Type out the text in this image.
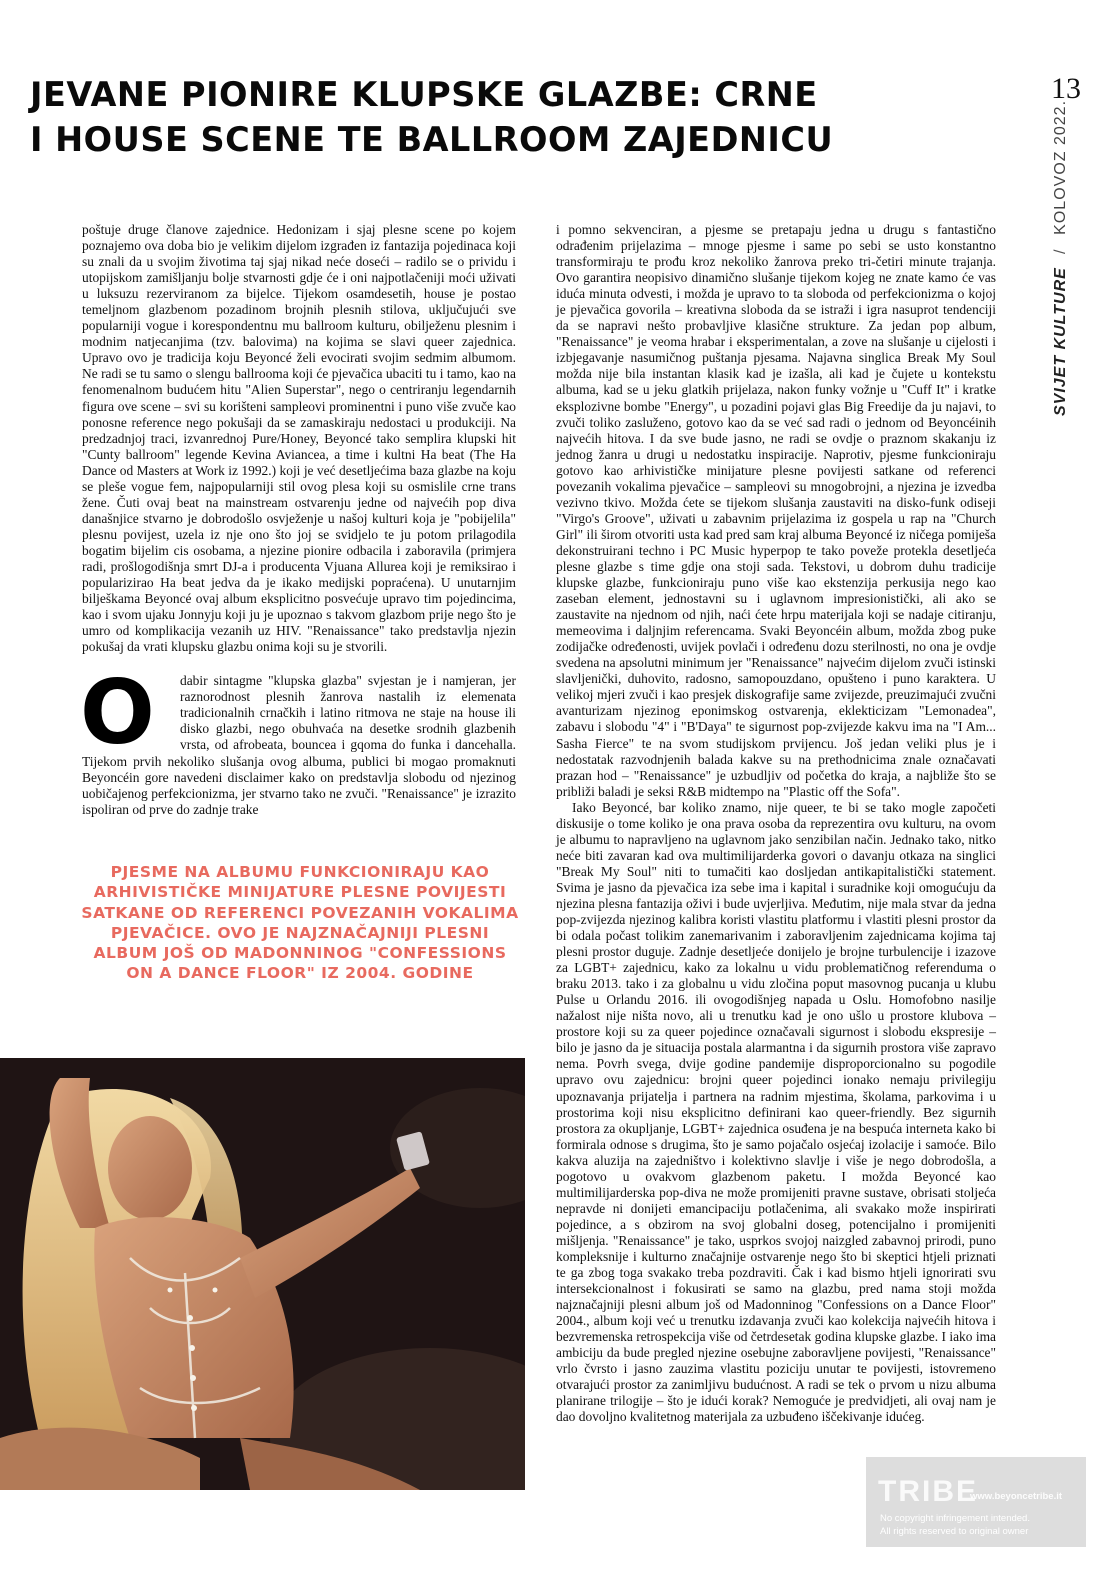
JEVANE PIONIRE KLUPSKE GLAZBE: CRNE
I HOUSE SCENE TE BALLROOM ZAJEDNICU
13
SVIJET KULTURE / KOLOVOZ 2022.

poštuje druge članove zajednice. Hedonizam i sjaj plesne scene po kojem poznajemo ova doba bio je velikim dijelom izgrađen iz fantazija pojedinaca koji su znali da u svojim životima taj sjaj nikad neće doseći – radilo se o prividu i utopijskom zamišljanju bolje stvarnosti gdje će i oni najpotlačeniji moći uživati u luksuzu rezerviranom za bijelce. Tijekom osamdesetih, house je postao temeljnom glazbenom pozadinom brojnih plesnih stilova, uključujući sve popularniji vogue i korespondentnu mu ballroom kulturu, obilježenu plesnim i modnim natjecanjima (tzv. balovima) na kojima se slavi queer zajednica. Upravo ovo je tradicija koju Beyoncé želi evocirati svojim sedmim albumom. Ne radi se tu samo o slengu ballrooma koji će pjevačica ubaciti tu i tamo, kao na fenomenalnom budućem hitu "Alien Superstar", nego o centriranju legendarnih figura ove scene – svi su korišteni sampleovi prominentni i puno više zvuče kao ponosne reference nego pokušaji da se zamaskiraju nedostaci u produkciji. Na predzadnjoj traci, izvanrednoj Pure/Honey, Beyoncé tako semplira klupski hit "Cunty ballroom" legende Kevina Aviancea, a time i kultni Ha beat (The Ha Dance od Masters at Work iz 1992.) koji je već desetljećima baza glazbe na koju se pleše vogue fem, najpopularniji stil ovog plesa koji su osmislile crne trans žene. Čuti ovaj beat na mainstream ostvarenju jedne od najvećih pop diva današnjice stvarno je dobrodošlo osvježenje u našoj kulturi koja je "pobijelila" plesnu povijest, uzela iz nje ono što joj se svidjelo te ju potom prilagodila bogatim bijelim cis osobama, a njezine pionire odbacila i zaboravila (primjera radi, prošlogodišnja smrt DJ-a i producenta Vjuana Allurea koji je remiksirao i popularizirao Ha beat jedva da je ikako medijski popraćena). U unutarnjim bilješkama Beyoncé ovaj album eksplicitno posvećuje upravo tim pojedincima, kao i svom ujaku Jonnyju koji ju je upoznao s takvom glazbom prije nego što je umro od komplikacija vezanih uz HIV. "Renaissance" tako predstavlja njezin pokušaj da vrati klupsku glazbu onima koji su je stvorili.

O	dabir sintagme "klupska glazba" svjestan je i namjeran, jer raznorodnost plesnih žanrova nastalih iz elemenata tradicionalnih crnačkih i latino ritmova ne staje na house ili disko glazbi, nego obuhvaća na desetke srodnih glazbenih vrsta, od afrobeata, bouncea i gqoma do funka i dancehalla. Tijekom prvih nekoliko slušanja ovog albuma, publici bi mogao promaknuti Beyoncéin gore navedeni disclaimer kako on predstavlja slobodu od njezinog uobičajenog perfekcionizma, jer stvarno tako ne zvuči. "Renaissance" je izrazito ispoliran od prve do zadnje trake

PJESME NA ALBUMU FUNKCIONIRAJU KAO ARHIVISTIČKE MINIJATURE PLESNE POVIJESTI SATKANE OD REFERENCI POVEZANIH VOKALIMA PJEVAČICE. OVO JE NAJZNAČAJNIJI PLESNI ALBUM JOŠ OD MADONNINOG "CONFESSIONS ON A DANCE FLOOR" IZ 2004. GODINE

i pomno sekvenciran, a pjesme se pretapaju jedna u drugu s fantastično odrađenim prijelazima – mnoge pjesme i same po sebi se usto konstantno transformiraju te prođu kroz nekoliko žanrova preko tri-četiri minute trajanja. Ovo garantira neopisivo dinamično slušanje tijekom kojeg ne znate kamo će vas iduća minuta odvesti, i možda je upravo to ta sloboda od perfekcionizma o kojoj je pjevačica govorila – kreativna sloboda da se istraži i igra nasuprot tendenciji da se napravi nešto probavljive klasične strukture. Za jedan pop album, "Renaissance" je veoma hrabar i eksperimentalan, a zove na slušanje u cijelosti i izbjegavanje nasumičnog puštanja pjesama. Najavna singlica Break My Soul možda nije bila instantan klasik kad je izašla, ali kad je čujete u kontekstu albuma, kad se u jeku glatkih prijelaza, nakon funky vožnje u "Cuff It" i kratke eksplozivne bombe "Energy", u pozadini pojavi glas Big Freedije da ju najavi, to zvuči toliko zasluženo, gotovo kao da se već sad radi o jednom od Beyoncéinih najvećih hitova. I da sve bude jasno, ne radi se ovdje o praznom skakanju iz jednog žanra u drugi u nedostatku inspiracije. Naprotiv, pjesme funkcioniraju gotovo kao arhivističke minijature plesne povijesti satkane od referenci povezanih vokalima pjevačice – sampleovi su mnogobrojni, a njezina je izvedba vezivno tkivo. Možda ćete se tijekom slušanja zaustaviti na disko-funk odiseji "Virgo's Groove", uživati u zabavnim prijelazima iz gospela u rap na "Church Girl" ili širom otvoriti usta kad pred sam kraj albuma Beyoncé iz ničega pomiješa dekonstruirani techno i PC Music hyperpop te tako poveže protekla desetljeća plesne glazbe s time gdje ona stoji sada. Tekstovi, u dobrom duhu tradicije klupske glazbe, funkcioniraju puno više kao ekstenzija perkusija nego kao zaseban element, jednostavni su i uglavnom impresionistički, ali ako se zaustavite na njednom od njih, naći ćete hrpu materijala koji se nadaje citiranju, memeovima i daljnjim referencama. Svaki Beyoncéin album, možda zbog puke zodijačke određenosti, uvijek povlači i određenu dozu sterilnosti, no ona je ovdje svedena na apsolutni minimum jer "Renaissance" najvećim dijelom zvuči istinski slavljenički, duhovito, radosno, samopouzdano, opušteno i puno karaktera. U velikoj mjeri zvuči i kao presjek diskografije same zvijezde, preuzimajući zvučni avanturizam njezinog eponimskog ostvarenja, eklekticizam "Lemonadea", zabavu i slobodu "4" i "B'Daya" te sigurnost pop-zvijezde kakvu ima na "I Am... Sasha Fierce" te na svom studijskom prvijencu. Još jedan veliki plus je i nedostatak razvodnjenih balada kakve su na prethodnicima znale označavati prazan hod – "Renaissance" je uzbudljiv od početka do kraja, a najbliže što se približi baladi je seksi R&B midtempo na "Plastic off the Sofa".

Iako Beyoncé, bar koliko znamo, nije queer, te bi se tako mogle započeti diskusije o tome koliko je ona prava osoba da reprezentira ovu kulturu, na ovom je albumu to napravljeno na uglavnom jako senzibilan način. Jednako tako, nitko neće biti zavaran kad ova multimilijarderka govori o davanju otkaza na singlici "Break My Soul" niti to tumačiti kao dosljedan antikapitalistički statement. Svima je jasno da pjevačica iza sebe ima i kapital i suradnike koji omogućuju da njezina plesna fantazija oživi i bude uvjerljiva. Međutim, nije mala stvar da jedna pop-zvijezda njezinog kalibra koristi vlastitu platformu i vlastiti plesni prostor da bi odala počast tolikim zanemarivanim i zaboravljenim zajednicama kojima taj plesni prostor duguje. Zadnje desetljeće donijelo je brojne turbulencije i izazove za LGBT+ zajednicu, kako za lokalnu u vidu problematičnog referenduma o braku 2013. tako i za globalnu u vidu zločina poput masovnog pucanja u klubu Pulse u Orlandu 2016. ili ovogodišnjeg napada u Oslu. Homofobno nasilje nažalost nije ništa novo, ali u trenutku kad je ono ušlo u prostore klubova – prostore koji su za queer pojedince označavali sigurnost i slobodu ekspresije – bilo je jasno da je situacija postala alarmantna i da sigurnih prostora više zapravo nema. Povrh svega, dvije godine pandemije disproporcionalno su pogodile upravo ovu zajednicu: brojni queer pojedinci ionako nemaju privilegiju upoznavanja prijatelja i partnera na radnim mjestima, školama, parkovima i u prostorima koji nisu eksplicitno definirani kao queer-friendly. Bez sigurnih prostora za okupljanje, LGBT+ zajednica osuđena je na bespuća interneta kako bi formirala odnose s drugima, što je samo pojačalo osjećaj izolacije i samoće. Bilo kakva aluzija na zajedništvo i kolektivno slavlje i više je nego dobrodošla, a pogotovo u ovakvom glazbenom paketu. I možda Beyoncé kao multimilijarderska pop-diva ne može promijeniti pravne sustave, obrisati stoljeća nepravde ni donijeti emancipaciju potlačenima, ali svakako može inspirirati pojedince, a s obzirom na svoj globalni doseg, potencijalno i promijeniti mišljenja. "Renaissance" je tako, usprkos svojoj naizgled zabavnoj prirodi, puno kompleksnije i kulturno značajnije ostvarenje nego što bi skeptici htjeli priznati te ga zbog toga svakako treba pozdraviti. Čak i kad bismo htjeli ignorirati svu intersekcionalnost i fokusirati se samo na glazbu, pred nama stoji možda najznačajniji plesni album još od Madonninog "Confessions on a Dance Floor" 2004., album koji već u trenutku izdavanja zvuči kao kolekcija najvećih hitova i bezvremenska retrospekcija više od četrdesetak godina klupske glazbe. I iako ima ambiciju da bude pregled njezine osebujne zaboravljene povijesti, "Renaissance" vrlo čvrsto i jasno zauzima vlastitu poziciju unutar te povijesti, istovremeno otvarajući prostor za zanimljivu budućnost. A radi se tek o prvom u nizu albuma planirane trilogije – što je idući korak? Nemoguće je predvidjeti, ali ovaj nam je dao dovoljno kvalitetnog materijala za uzbuđeno iščekivanje idućeg.

TRIBE
www.beyoncetribe.it
No copyright infringement intended.
All rights reserved to original owner
